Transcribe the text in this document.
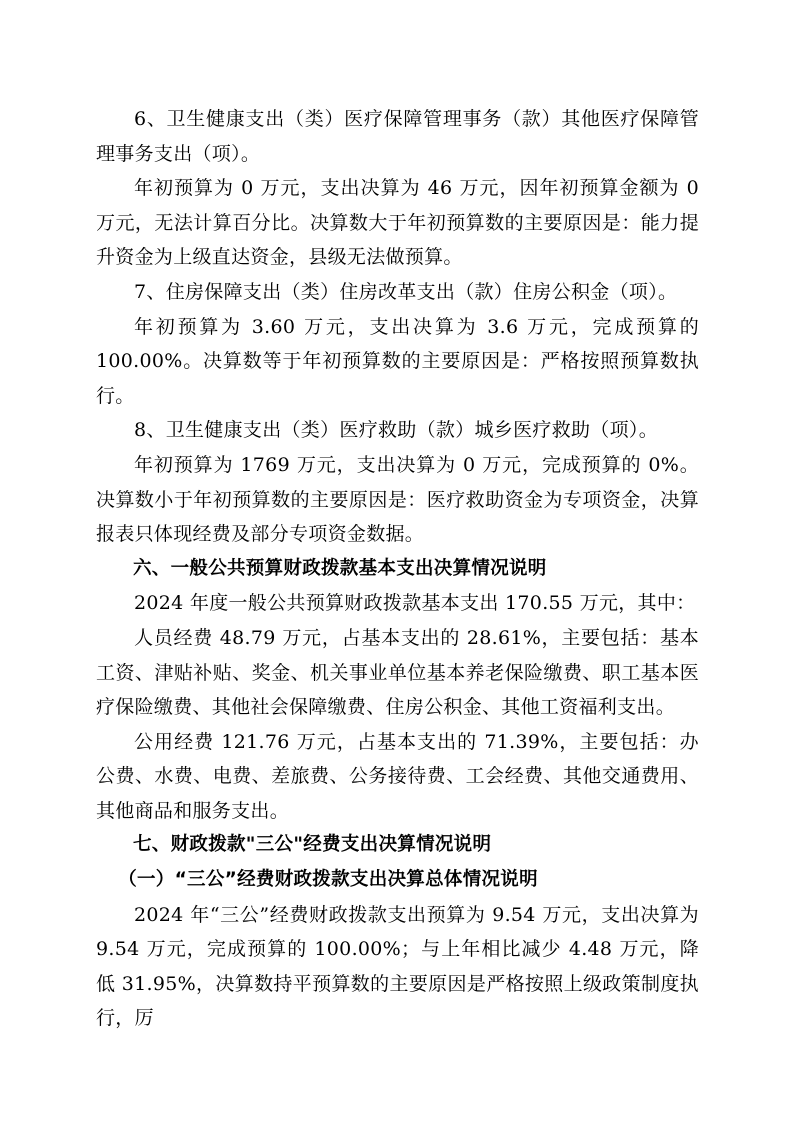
6、卫生健康支出（类）医疗保障管理事务（款）其他医疗保障管理事务支出（项）。

年初预算为 0 万元，支出决算为 46 万元，因年初预算金额为 0 万元，无法计算百分比。决算数大于年初预算数的主要原因是：能力提升资金为上级直达资金，县级无法做预算。

7、住房保障支出（类）住房改革支出（款）住房公积金（项）。

年初预算为 3.60 万元，支出决算为 3.6 万元，完成预算的 100.00%。决算数等于年初预算数的主要原因是：严格按照预算数执行。

8、卫生健康支出（类）医疗救助（款）城乡医疗救助（项）。

年初预算为 1769 万元，支出决算为 0 万元，完成预算的 0%。决算数小于年初预算数的主要原因是：医疗救助资金为专项资金，决算报表只体现经费及部分专项资金数据。

六、一般公共预算财政拨款基本支出决算情况说明

2024 年度一般公共预算财政拨款基本支出 170.55 万元，其中：

人员经费 48.79 万元，占基本支出的 28.61%，主要包括：基本工资、津贴补贴、奖金、机关事业单位基本养老保险缴费、职工基本医疗保险缴费、其他社会保障缴费、住房公积金、其他工资福利支出。

公用经费 121.76 万元，占基本支出的 71.39%，主要包括：办公费、水费、电费、差旅费、公务接待费、工会经费、其他交通费用、其他商品和服务支出。

七、财政拨款"三公"经费支出决算情况说明

（一）“三公”经费财政拨款支出决算总体情况说明

2024 年“三公”经费财政拨款支出预算为 9.54 万元，支出决算为 9.54 万元，完成预算的 100.00%；与上年相比减少 4.48 万元，降低 31.95%，决算数持平预算数的主要原因是严格按照上级政策制度执行，厉
